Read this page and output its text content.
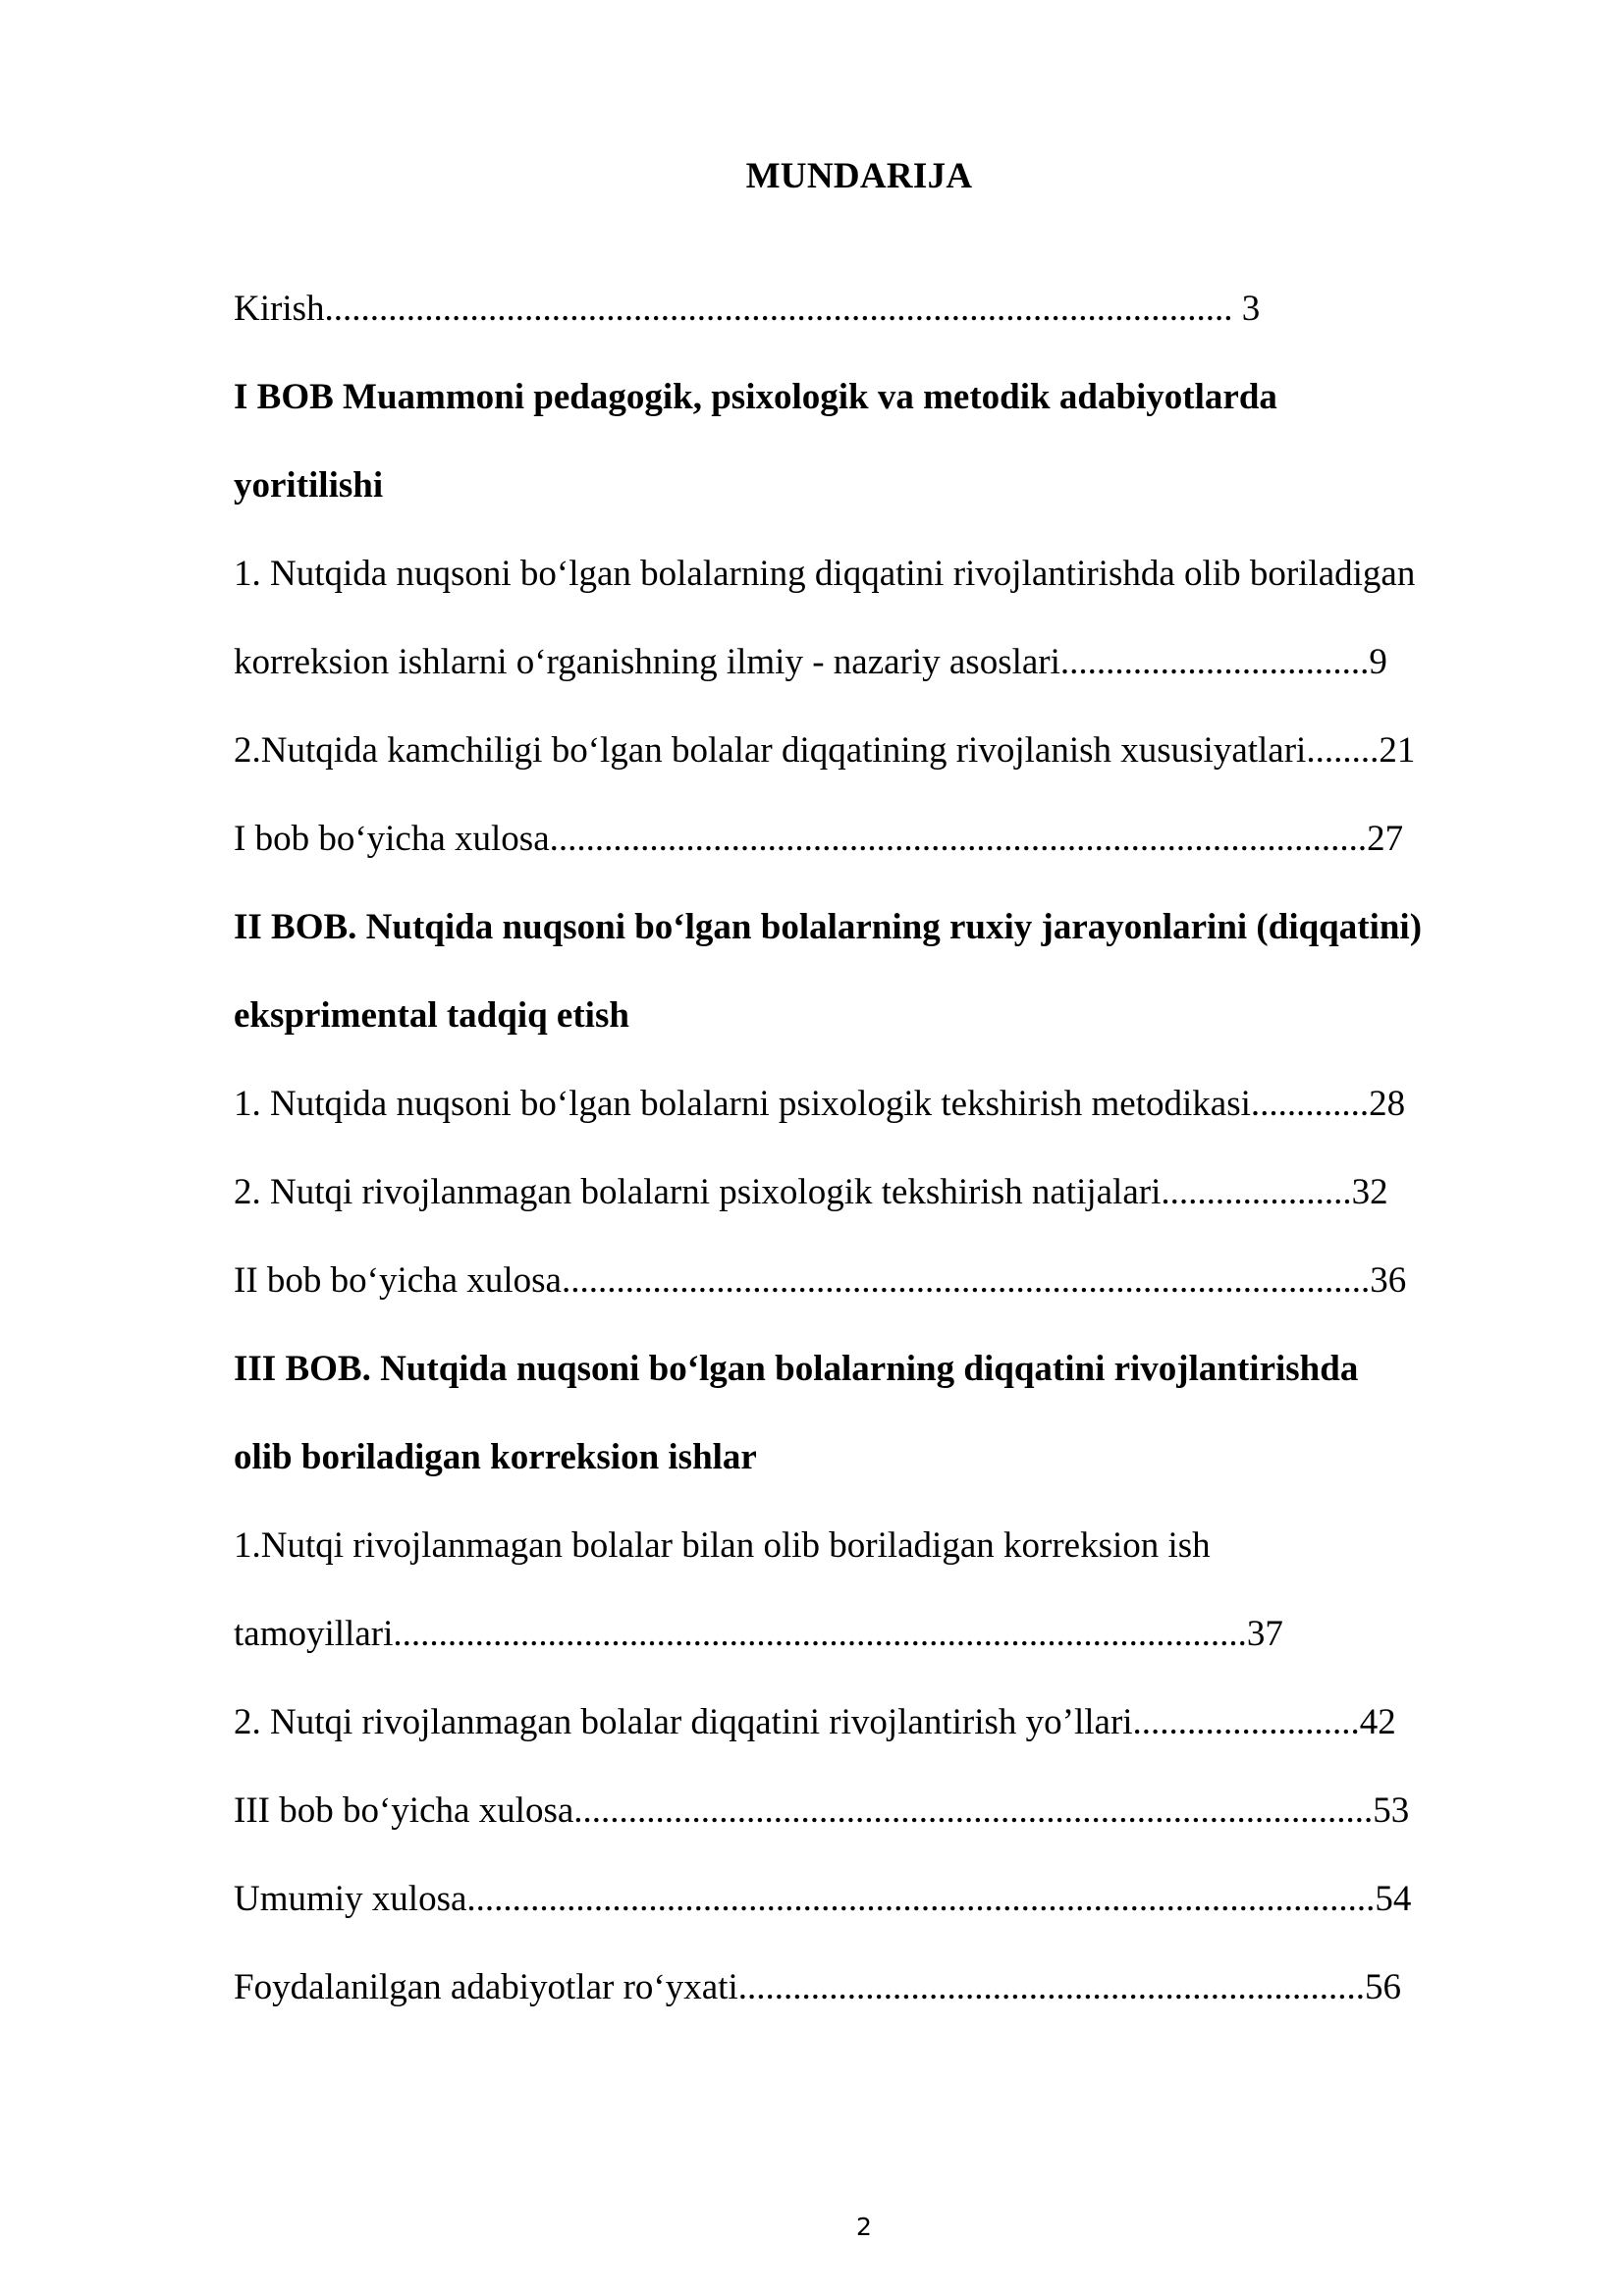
MUNDARIJA
Kirish.................................................................................................... 3
I BOB Muammoni pedagogik, psixologik va metodik adabiyotlarda
yoritilishi
1. Nutqida nuqsoni bo‘lgan bolalarning diqqatini rivojlantirishda olib boriladigan
korreksion ishlarni o‘rganishning ilmiy - nazariy asoslari..................................9
2.Nutqida kamchiligi bo‘lgan bolalar diqqatining rivojlanish xususiyatlari........21
I bob bo‘yicha xulosa..........................................................................................27
II BOB. Nutqida nuqsoni bo‘lgan bolalarning ruxiy jarayonlarini (diqqatini)
eksprimental tadqiq etish
1. Nutqida nuqsoni bo‘lgan bolalarni psixologik tekshirish metodikasi.............28
2. Nutqi rivojlanmagan bolalarni psixologik tekshirish natijalari.....................32
II bob bo‘yicha xulosa.........................................................................................36
III BOB. Nutqida nuqsoni bo‘lgan bolalarning diqqatini rivojlantirishda
olib boriladigan korreksion ishlar
1.Nutqi rivojlanmagan bolalar bilan olib boriladigan korreksion ish
tamoyillari..............................................................................................37
2. Nutqi rivojlanmagan bolalar diqqatini rivojlantirish yo’llari.........................42
III bob bo‘yicha xulosa........................................................................................53
Umumiy xulosa....................................................................................................54
Foydalanilgan adabiyotlar ro‘yxati.....................................................................56
2
